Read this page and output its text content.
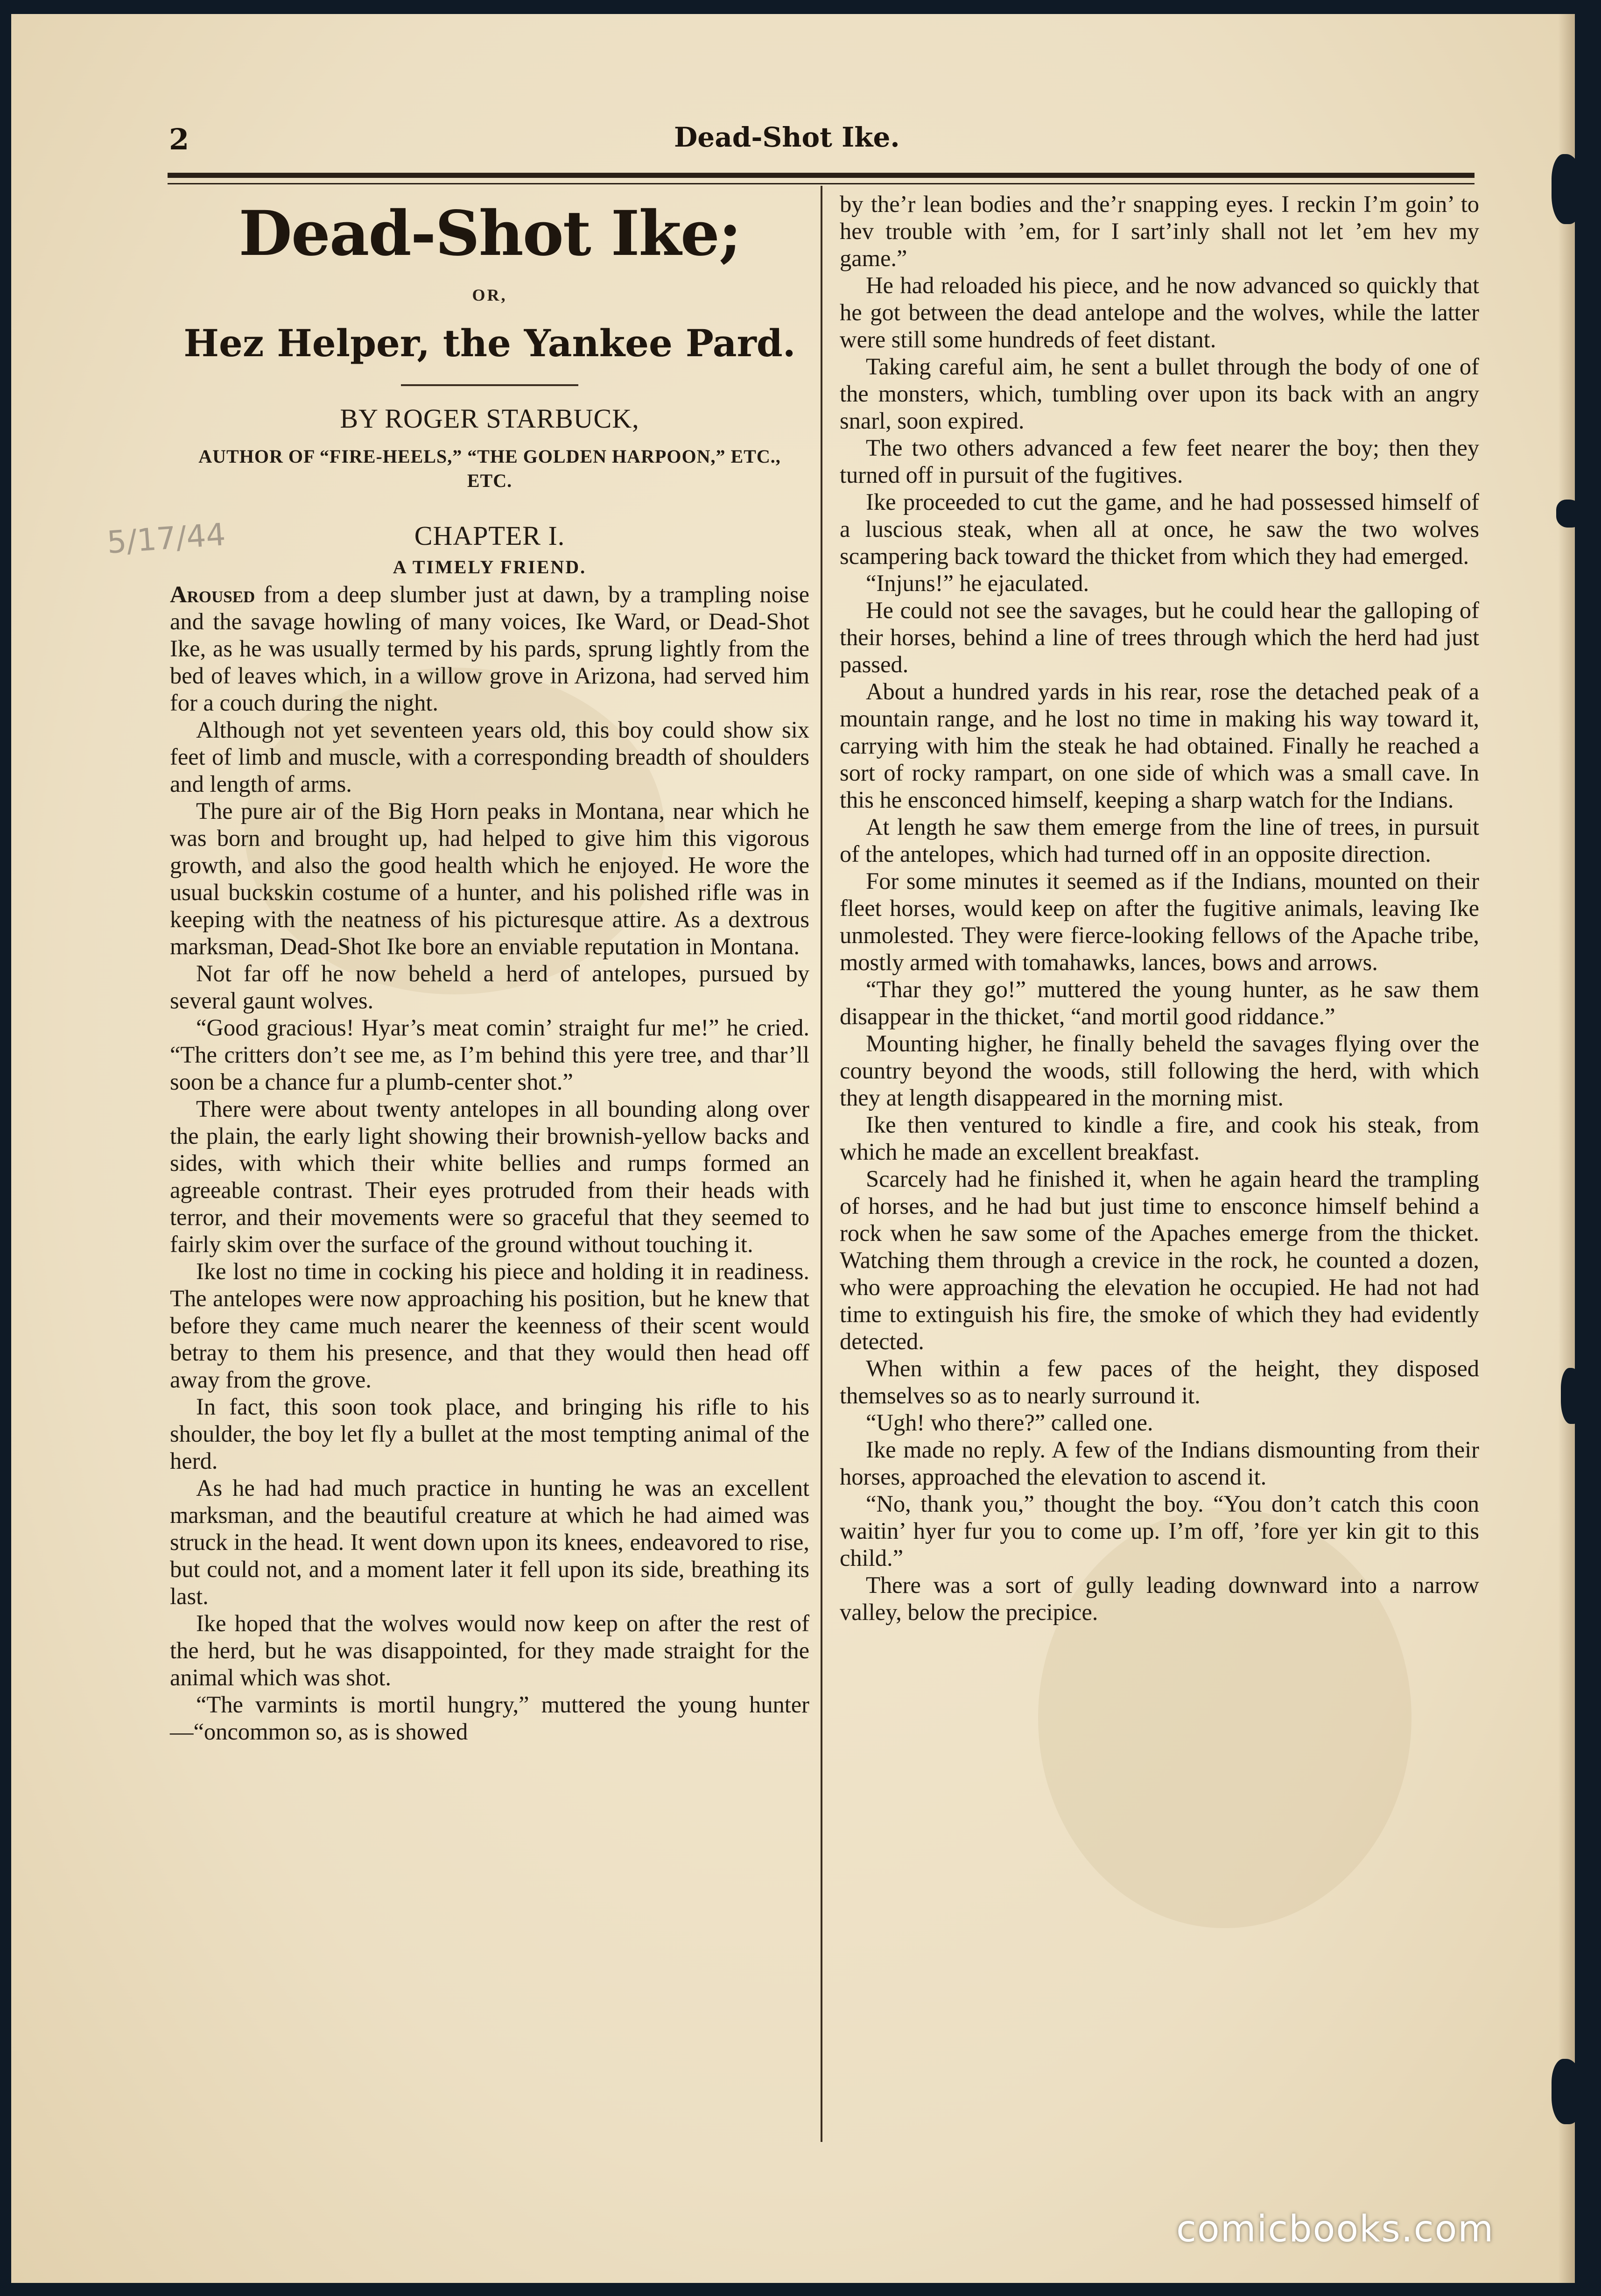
2	Dead-Shot Ike.
5/17/44
Dead-Shot Ike;
OR,
Hez Helper, the Yankee Pard.
BY ROGER STARBUCK,
AUTHOR OF “FIRE-HEELS,” “THE GOLDEN HARPOON,” ETC., ETC.
CHAPTER I.
A TIMELY FRIEND.

Aroused from a deep slumber just at dawn, by a trampling noise and the savage howling of many voices, Ike Ward, or Dead-Shot Ike, as he was usually termed by his pards, sprung lightly from the bed of leaves which, in a willow grove in Arizona, had served him for a couch during the night.

Although not yet seventeen years old, this boy could show six feet of limb and muscle, with a corresponding breadth of shoulders and length of arms.

The pure air of the Big Horn peaks in Montana, near which he was born and brought up, had helped to give him this vigorous growth, and also the good health which he enjoyed. He wore the usual buckskin costume of a hunter, and his polished rifle was in keeping with the neatness of his picturesque attire. As a dextrous marksman, Dead-Shot Ike bore an enviable reputation in Montana.

Not far off he now beheld a herd of antelopes, pursued by several gaunt wolves.

“Good gracious! Hyar’s meat comin’ straight fur me!” he cried. “The critters don’t see me, as I’m behind this yere tree, and thar’ll soon be a chance fur a plumb-center shot.”

There were about twenty antelopes in all bounding along over the plain, the early light showing their brownish-yellow backs and sides, with which their white bellies and rumps formed an agreeable contrast. Their eyes protruded from their heads with terror, and their movements were so graceful that they seemed to fairly skim over the surface of the ground without touching it.

Ike lost no time in cocking his piece and holding it in readiness. The antelopes were now approaching his position, but he knew that before they came much nearer the keenness of their scent would betray to them his presence, and that they would then head off away from the grove.

In fact, this soon took place, and bringing his rifle to his shoulder, the boy let fly a bullet at the most tempting animal of the herd.

As he had had much practice in hunting he was an excellent marksman, and the beautiful creature at which he had aimed was struck in the head. It went down upon its knees, endeavored to rise, but could not, and a moment later it fell upon its side, breathing its last.

Ike hoped that the wolves would now keep on after the rest of the herd, but he was disappointed, for they made straight for the animal which was shot.

“The varmints is mortil hungry,” muttered the young hunter—“oncommon so, as is showed

by the’r lean bodies and the’r snapping eyes. I reckin I’m goin’ to hev trouble with ’em, for I sart’inly shall not let ’em hev my game.”

He had reloaded his piece, and he now advanced so quickly that he got between the dead antelope and the wolves, while the latter were still some hundreds of feet distant.

Taking careful aim, he sent a bullet through the body of one of the monsters, which, tumbling over upon its back with an angry snarl, soon expired.

The two others advanced a few feet nearer the boy; then they turned off in pursuit of the fugitives.

Ike proceeded to cut the game, and he had possessed himself of a luscious steak, when all at once, he saw the two wolves scampering back toward the thicket from which they had emerged.

“Injuns!” he ejaculated.

He could not see the savages, but he could hear the galloping of their horses, behind a line of trees through which the herd had just passed.

About a hundred yards in his rear, rose the detached peak of a mountain range, and he lost no time in making his way toward it, carrying with him the steak he had obtained. Finally he reached a sort of rocky rampart, on one side of which was a small cave. In this he ensconced himself, keeping a sharp watch for the Indians.

At length he saw them emerge from the line of trees, in pursuit of the antelopes, which had turned off in an opposite direction.

For some minutes it seemed as if the Indians, mounted on their fleet horses, would keep on after the fugitive animals, leaving Ike unmolested. They were fierce-looking fellows of the Apache tribe, mostly armed with tomahawks, lances, bows and arrows.

“Thar they go!” muttered the young hunter, as he saw them disappear in the thicket, “and mortil good riddance.”

Mounting higher, he finally beheld the savages flying over the country beyond the woods, still following the herd, with which they at length disappeared in the morning mist.

Ike then ventured to kindle a fire, and cook his steak, from which he made an excellent breakfast.

Scarcely had he finished it, when he again heard the trampling of horses, and he had but just time to ensconce himself behind a rock when he saw some of the Apaches emerge from the thicket. Watching them through a crevice in the rock, he counted a dozen, who were approaching the elevation he occupied. He had not had time to extinguish his fire, the smoke of which they had evidently detected.

When within a few paces of the height, they disposed themselves so as to nearly surround it.

“Ugh! who there?” called one.

Ike made no reply. A few of the Indians dismounting from their horses, approached the elevation to ascend it.

“No, thank you,” thought the boy. “You don’t catch this coon waitin’ hyer fur you to come up. I’m off, ’fore yer kin git to this child.”

There was a sort of gully leading downward into a narrow valley, below the precipice.

comicbooks.com
